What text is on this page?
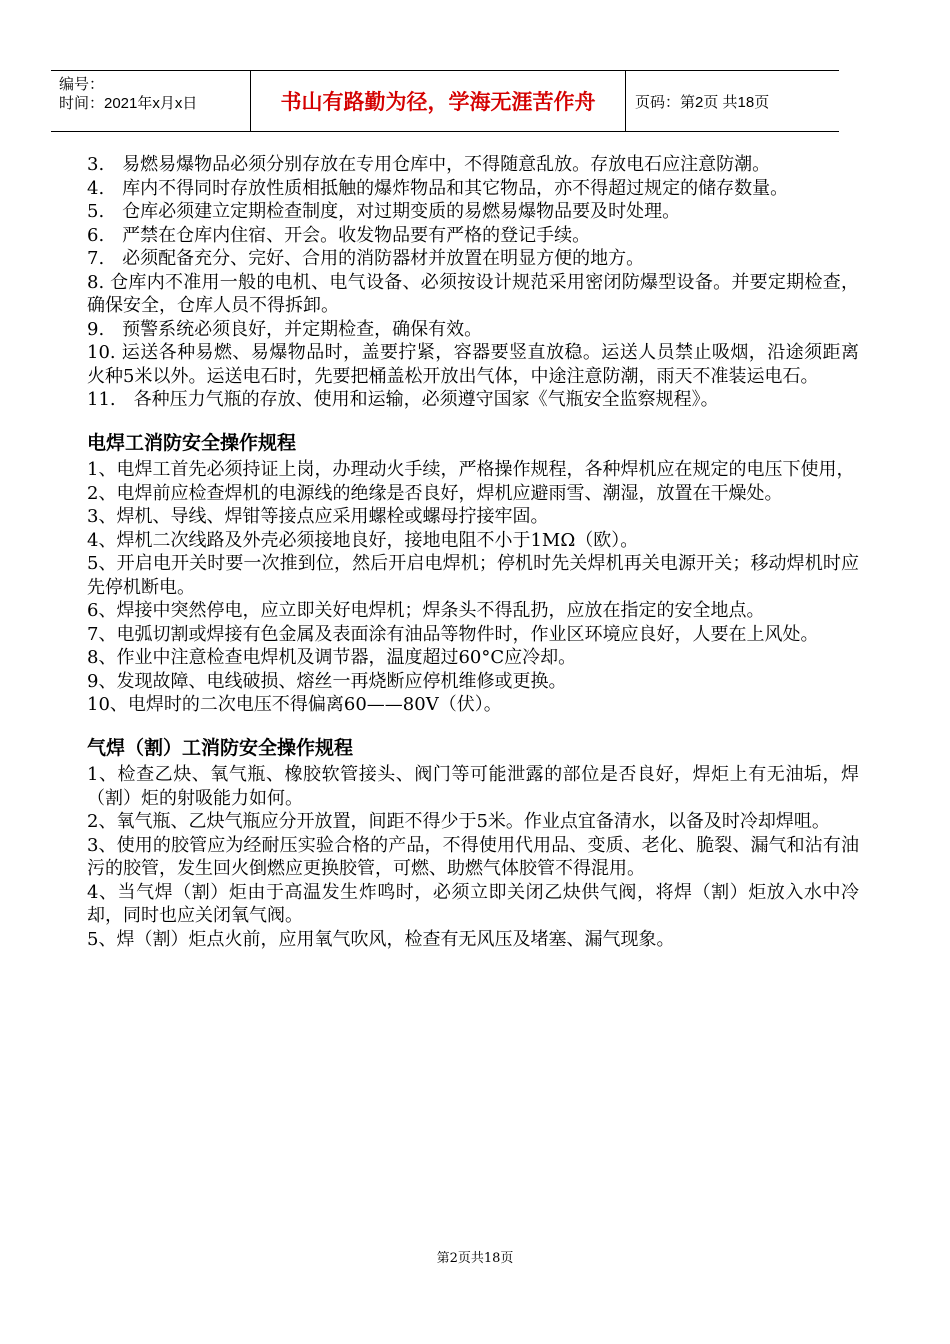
编号：
时间：2021年x月x日	书山有路勤为径，学海无涯苦作舟	页码：第2页 共18页

3.　易燃易爆物品必须分别存放在专用仓库中，不得随意乱放。存放电石应注意防潮。

4.　库内不得同时存放性质相抵触的爆炸物品和其它物品，亦不得超过规定的储存数量。

5.　仓库必须建立定期检查制度，对过期变质的易燃易爆物品要及时处理。

6.　严禁在仓库内住宿、开会。收发物品要有严格的登记手续。

7.　必须配备充分、完好、合用的消防器材并放置在明显方便的地方。

8. 仓库内不准用一般的电机、电气设备、必须按设计规范采用密闭防爆型设备。并要定期检查，确保安全，仓库人员不得拆卸。

9.　预警系统必须良好，并定期检查，确保有效。

10. 运送各种易燃、易爆物品时，盖要拧紧，容器要竖直放稳。运送人员禁止吸烟，沿途须距离火种5米以外。运送电石时，先要把桶盖松开放出气体，中途注意防潮，雨天不准装运电石。

11.　各种压力气瓶的存放、使用和运输，必须遵守国家《气瓶安全监察规程》。

电焊工消防安全操作规程

1、电焊工首先必须持证上岗，办理动火手续，严格操作规程，各种焊机应在规定的电压下使用，

2、电焊前应检查焊机的电源线的绝缘是否良好，焊机应避雨雪、潮湿，放置在干燥处。

3、焊机、导线、焊钳等接点应采用螺栓或螺母拧接牢固。

4、焊机二次线路及外壳必须接地良好，接地电阻不小于1MΩ（欧）。

5、开启电开关时要一次推到位，然后开启电焊机；停机时先关焊机再关电源开关；移动焊机时应先停机断电。

6、焊接中突然停电，应立即关好电焊机；焊条头不得乱扔，应放在指定的安全地点。

7、电弧切割或焊接有色金属及表面涂有油品等物件时，作业区环境应良好，人要在上风处。

8、作业中注意检查电焊机及调节器，温度超过60°C应冷却。

9、发现故障、电线破损、熔丝一再烧断应停机维修或更换。

10、电焊时的二次电压不得偏离60——80V（伏）。

气焊（割）工消防安全操作规程

1、检查乙炔、氧气瓶、橡胶软管接头、阀门等可能泄露的部位是否良好，焊炬上有无油垢，焊（割）炬的射吸能力如何。

2、氧气瓶、乙炔气瓶应分开放置，间距不得少于5米。作业点宜备清水，以备及时冷却焊咀。

3、使用的胶管应为经耐压实验合格的产品，不得使用代用品、变质、老化、脆裂、漏气和沾有油污的胶管，发生回火倒燃应更换胶管，可燃、助燃气体胶管不得混用。

4、当气焊（割）炬由于高温发生炸鸣时，必须立即关闭乙炔供气阀，将焊（割）炬放入水中冷却，同时也应关闭氧气阀。

5、焊（割）炬点火前，应用氧气吹风，检查有无风压及堵塞、漏气现象。

第2页共18页
